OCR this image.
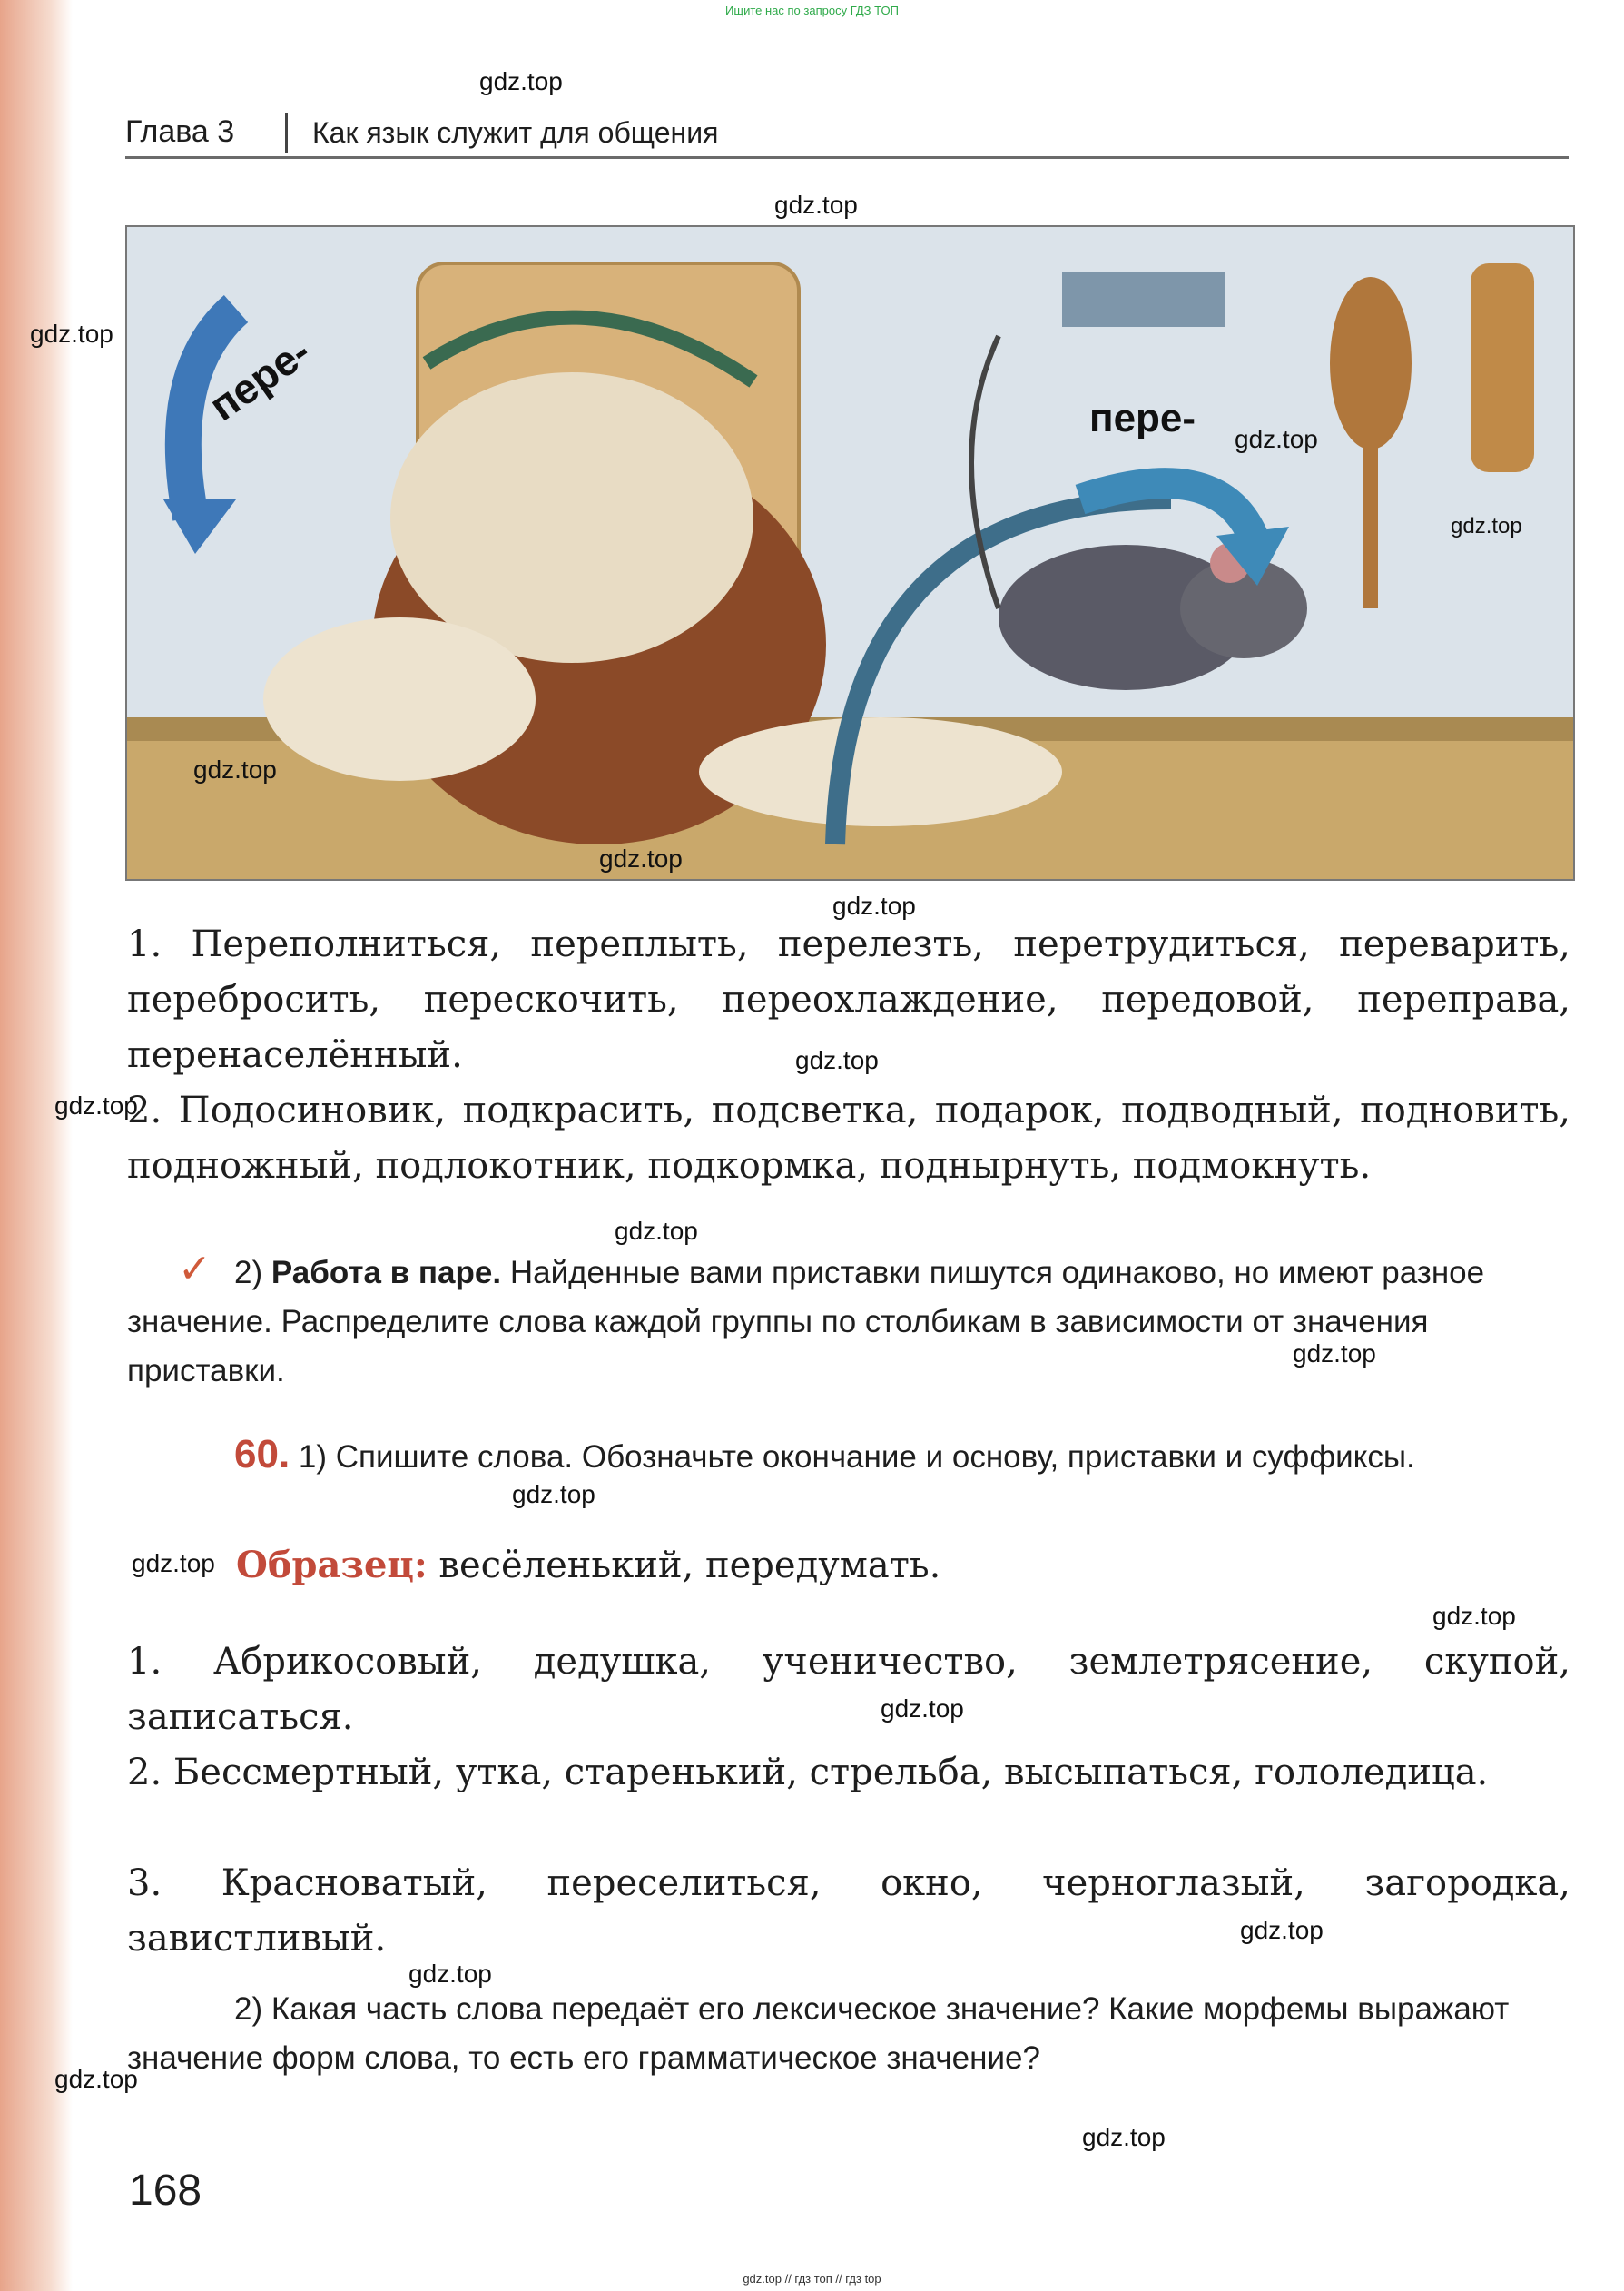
Ищите нас по запросу ГДЗ ТОП
Глава 3	Как язык служит для общения
пере-	пере-
gdz.top
gdz.top
gdz.top
gdz.top
gdz.top
gdz.top
gdz.top
gdz.top
gdz.top
gdz.top
gdz.top
gdz.top
gdz.top
gdz.top
gdz.top
gdz.top
gdz.top
gdz.top
gdz.top
gdz.top
1. Переполниться, переплыть, перелезть, перетрудиться, переварить, перебросить, перескочить, переохлаждение, передовой, переправа, перенаселённый.
2. Подосиновик, подкрасить, подсветка, подарок, подводный, подновить, подножный, подлокотник, подкормка, поднырнуть, подмокнуть.
✓ 2) Работа в паре. Найденные вами приставки пишутся одинаково, но имеют разное значение. Распределите слова каждой группы по столбикам в зависимости от значения приставки.
60. 1) Спишите слова. Обозначьте окончание и основу, приставки и суффиксы.
Образец: весёленький, передумать.
1. Абрикосовый, дедушка, ученичество, землетрясение, скупой, записаться.
2. Бессмертный, утка, старенький, стрельба, высыпаться, гололедица.
3. Красноватый, переселиться, окно, черноглазый, загородка, завистливый.
2) Какая часть слова передаёт его лексическое значение? Какие морфемы выражают значение форм слова, то есть его грамматическое значение?
168
gdz.top // гдз топ // гдз top
